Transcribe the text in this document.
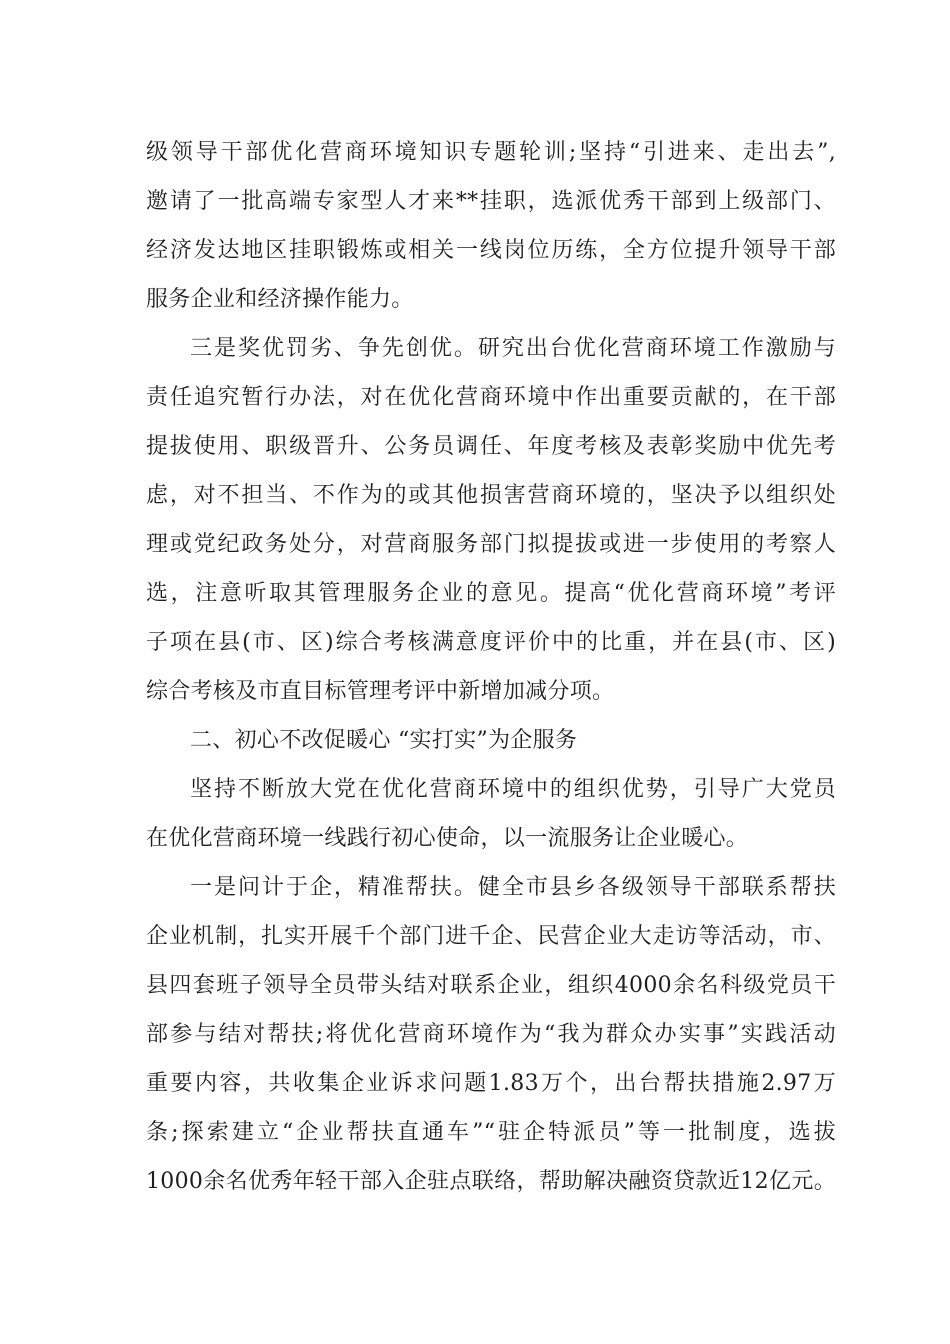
级领导干部优化营商环境知识专题轮训;坚持“引进来、走出去”,
邀请了一批高端专家型人才来**挂职，选派优秀干部到上级部门、
经济发达地区挂职锻炼或相关一线岗位历练，全方位提升领导干部
服务企业和经济操作能力。
三是奖优罚劣、争先创优。研究出台优化营商环境工作激励与
责任追究暂行办法，对在优化营商环境中作出重要贡献的，在干部
提拔使用、职级晋升、公务员调任、年度考核及表彰奖励中优先考
虑，对不担当、不作为的或其他损害营商环境的，坚决予以组织处
理或党纪政务处分，对营商服务部门拟提拔或进一步使用的考察人
选，注意听取其管理服务企业的意见。提高“优化营商环境”考评
子项在县(市、区)综合考核满意度评价中的比重，并在县(市、区)
综合考核及市直目标管理考评中新增加减分项。
二、初心不改促暖心 “实打实”为企服务
坚持不断放大党在优化营商环境中的组织优势，引导广大党员
在优化营商环境一线践行初心使命，以一流服务让企业暖心。
一是问计于企，精准帮扶。健全市县乡各级领导干部联系帮扶
企业机制，扎实开展千个部门进千企、民营企业大走访等活动，市、
县四套班子领导全员带头结对联系企业，组织4000余名科级党员干
部参与结对帮扶;将优化营商环境作为“我为群众办实事”实践活动
重要内容，共收集企业诉求问题1.83万个，出台帮扶措施2.97万
条;探索建立“企业帮扶直通车”“驻企特派员”等一批制度，选拔
1000余名优秀年轻干部入企驻点联络，帮助解决融资贷款近12亿元。
